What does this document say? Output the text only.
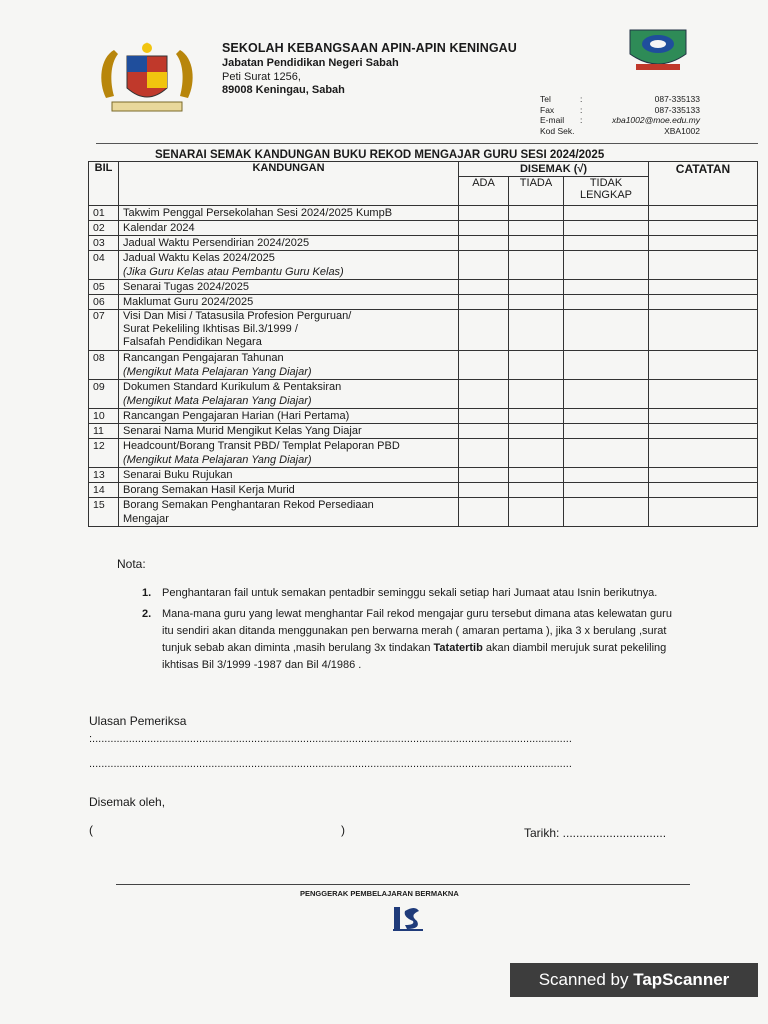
SEKOLAH KEBANGSAAN APIN-APIN KENINGAU
Jabatan Pendidikan Negeri Sabah
Peti Surat 1256,
89008 Keningau, Sabah
Tel	:	087-335133
Fax	:	087-335133
E-mail	:	xba1002@moe.edu.my
Kod Sek.	XBA1002
SENARAI SEMAK KANDUNGAN BUKU REKOD MENGAJAR GURU SESI 2024/2025
BIL	KANDUNGAN	DISEMAK (√)			CATATAN
		ADA	TIADA	TIDAK LENGKAP	
01	Takwim Penggal Persekolahan Sesi 2024/2025 KumpB				

02	Kalendar 2024				

03	Jadual Waktu Persendirian 2024/2025				

04	Jadual Waktu Kelas 2024/2025
(Jika Guru Kelas atau Pembantu Guru Kelas)				

05	Senarai Tugas 2024/2025				

06	Maklumat Guru 2024/2025				

07	Visi Dan Misi / Tatasusila Profesion Perguruan/
Surat Pekeliling Ikhtisas Bil.3/1999 /
Falsafah Pendidikan Negara				

08	Rancangan Pengajaran Tahunan
(Mengikut Mata Pelajaran Yang Diajar)				

09	Dokumen Standard Kurikulum & Pentaksiran
(Mengikut Mata Pelajaran Yang Diajar)				

10	Rancangan Pengajaran Harian (Hari Pertama)				

11	Senarai Nama Murid Mengikut Kelas Yang Diajar				

12	Headcount/Borang Transit PBD/ Templat Pelaporan PBD
(Mengikut Mata Pelajaran Yang Diajar)				

13	Senarai Buku Rujukan				

14	Borang Semakan Hasil Kerja Murid				

15	Borang Semakan Penghantaran Rekod Persediaan
Mengajar				

Nota:
1. Penghantaran fail untuk semakan pentadbir seminggu sekali setiap hari Jumaat atau Isnin berikutnya.
2. Mana-mana guru yang lewat menghantar Fail rekod mengajar guru tersebut dimana atas kelewatan guru itu sendiri akan ditanda menggunakan pen berwarna merah ( amaran pertama ), jika 3 x berulang ,surat tunjuk sebab akan diminta ,masih berulang 3x tindakan Tatatertib akan diambil merujuk surat pekeliling ikhtisas Bil 3/1999 -1987 dan Bil 4/1986 .
Ulasan Pemeriksa
:.............................................................................................................................................................
..............................................................................................................................................................
Disemak oleh,
(	)	Tarikh: ...............................
PENGGERAK PEMBELAJARAN BERMAKNA
Scanned by TapScanner
